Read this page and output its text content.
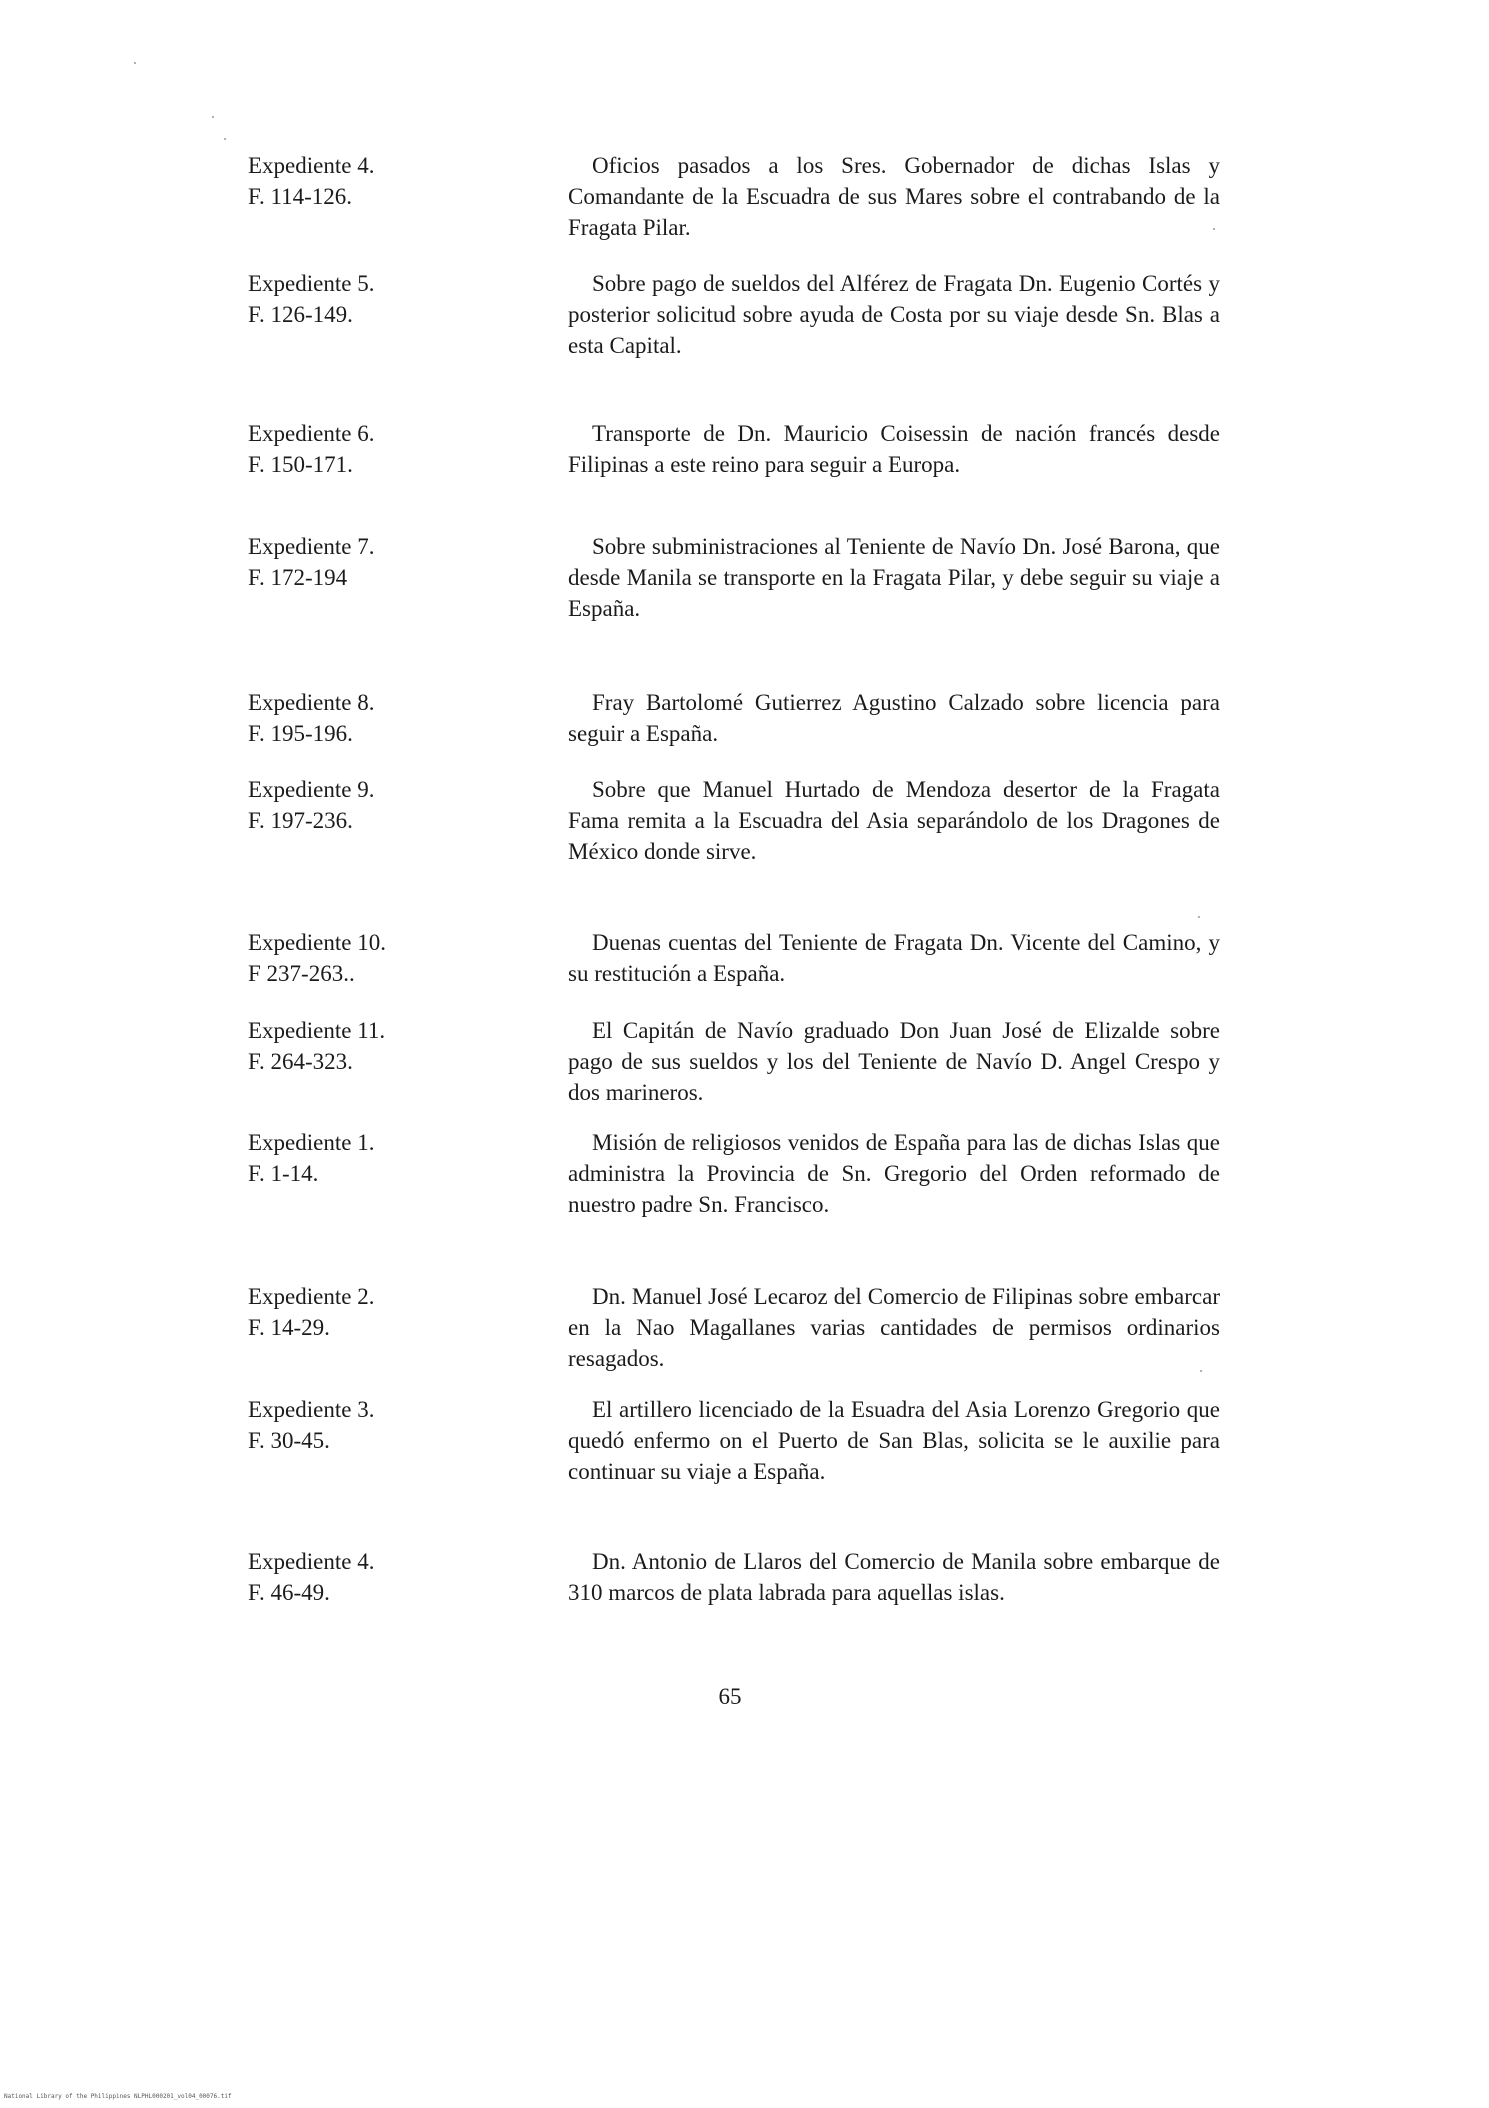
Expediente 4.
F. 114-126.
Oficios pasados a los Sres. Gobernador de dichas Islas y Comandante de la Escuadra de sus Mares sobre el contrabando de la Fragata Pilar.
Expediente 5.
F. 126-149.
Sobre pago de sueldos del Alférez de Fragata Dn. Eugenio Cortés y posterior solicitud sobre ayuda de Costa por su viaje desde Sn. Blas a esta Capital.
Expediente 6.
F. 150-171.
Transporte de Dn. Mauricio Coisessin de nación francés desde Filipinas a este reino para seguir a Europa.
Expediente 7.
F. 172-194
Sobre subministraciones al Teniente de Navío Dn. José Barona, que desde Manila se transporte en la Fragata Pilar, y debe seguir su viaje a España.
Expediente 8.
F. 195-196.
Fray Bartolomé Gutierrez Agustino Calzado sobre licencia para seguir a España.
Expediente 9.
F. 197-236.
Sobre que Manuel Hurtado de Mendoza desertor de la Fragata Fama remita a la Escuadra del Asia separándolo de los Dragones de México donde sirve.
Expediente 10.
F 237-263..
Duenas cuentas del Teniente de Fragata Dn. Vicente del Camino, y su restitución a España.
Expediente 11.
F. 264-323.
El Capitán de Navío graduado Don Juan José de Elizalde sobre pago de sus sueldos y los del Teniente de Navío D. Angel Crespo y dos marineros.
Expediente 1.
F. 1-14.
Misión de religiosos venidos de España para las de dichas Islas que administra la Provincia de Sn. Gregorio del Orden reformado de nuestro padre Sn. Francisco.
Expediente 2.
F. 14-29.
Dn. Manuel José Lecaroz del Comercio de Filipinas sobre embarcar en la Nao Magallanes varias cantidades de permisos ordinarios resagados.
Expediente 3.
F. 30-45.
El artillero licenciado de la Esuadra del Asia Lorenzo Gregorio que quedó enfermo on el Puerto de San Blas, solicita se le auxilie para continuar su viaje a España.
Expediente 4.
F. 46-49.
Dn. Antonio de Llaros del Comercio de Manila sobre embarque de 310 marcos de plata labrada para aquellas islas.
65
National Library of the Philippines NLPHL000201_vol04_00076.tif
